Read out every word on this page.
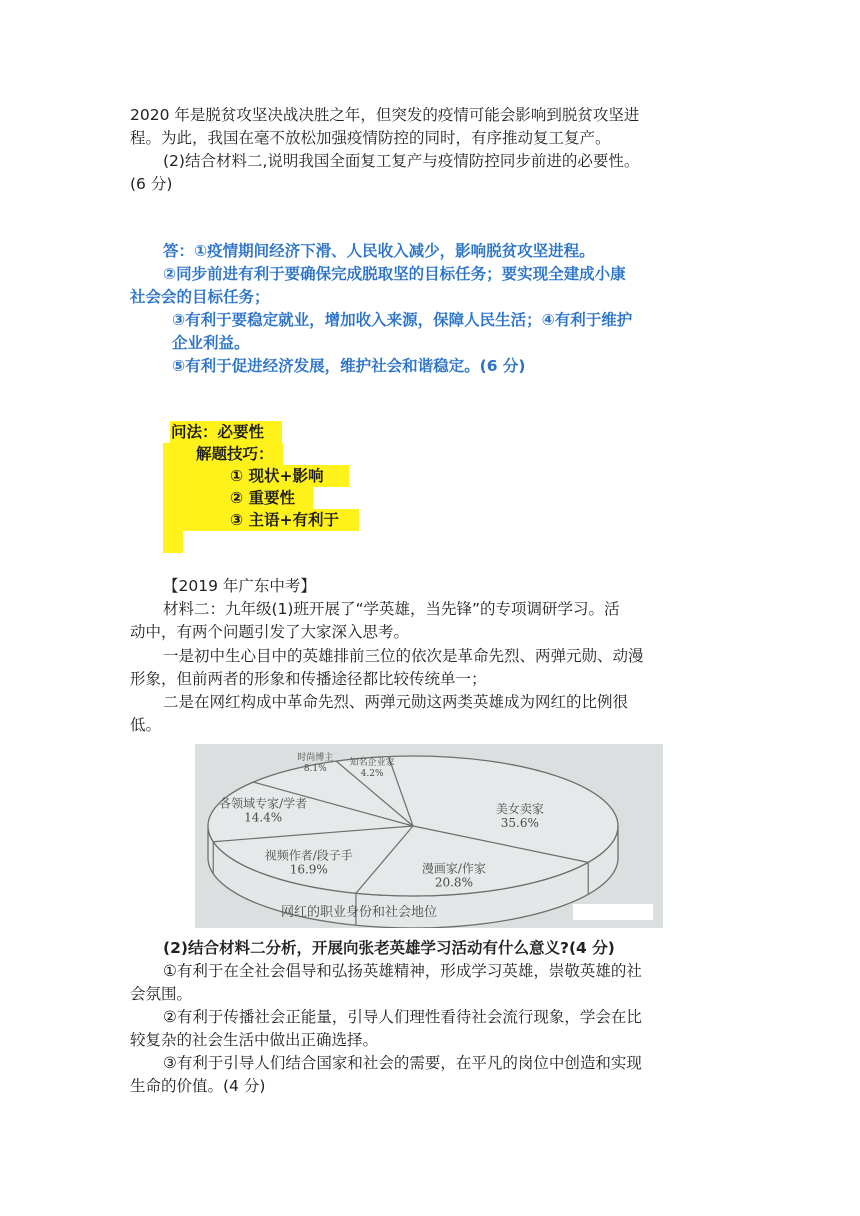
2020 年是脱贫攻坚决战决胜之年，但突发的疫情可能会影响到脱贫攻坚进
程。为此，我国在毫不放松加强疫情防控的同时，有序推动复工复产。
(2)结合材料二,说明我国全面复工复产与疫情防控同步前进的必要性。
(6 分)
答：①疫情期间经济下滑、人民收入减少，影响脱贫攻坚进程。
②同步前进有利于要确保完成脱取坚的目标任务；要实现全建成小康
社会会的目标任务；
③有利于要稳定就业，增加收入来源，保障人民生活；④有利于维护
企业利益。
⑤有利于促进经济发展，维护社会和谐稳定。(6 分)
问法：必要性
解题技巧：
① 现状+影响
② 重要性
③ 主语+有利于
【2019 年广东中考】
材料二：九年级(1)班开展了“学英雄，当先锋”的专项调研学习。活
动中，有两个问题引发了大家深入思考。
一是初中生心目中的英雄排前三位的依次是革命先烈、两弹元勋、动漫
形象，但前两者的形象和传播途径都比较传统单一；
二是在网红构成中革命先烈、两弹元勋这两类英雄成为网红的比例很
低。
美女卖家
35.6%
漫画家/作家
20.8%
视频作者/段子手
16.9%
各领域专家/学者
14.4%
时尚博主
8.1%
知名企业家
4.2%
网红的职业身份和社会地位
(2)结合材料二分析，开展向张老英雄学习活动有什么意义?(4 分)
①有利于在全社会倡导和弘扬英雄精神，形成学习英雄，崇敬英雄的社
会氛围。
②有利于传播社会正能量，引导人们理性看待社会流行现象，学会在比
较复杂的社会生活中做出正确选择。
③有利于引导人们结合国家和社会的需要，在平凡的岗位中创造和实现
生命的价值。(4 分)
